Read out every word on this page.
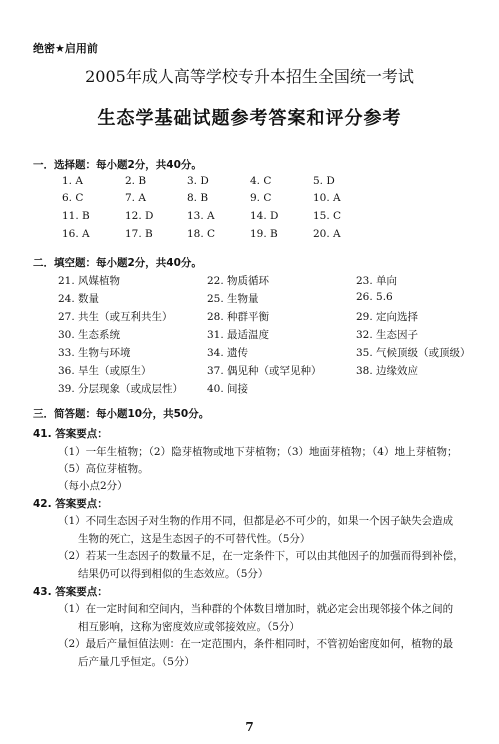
绝密★启用前
2005年成人高等学校专升本招生全国统一考试
生态学基础试题参考答案和评分参考
一．选择题：每小题2分，共40分。
1. A	2. B	3. D	4. C	5. D
6. C	7. A	8. B	9. C	10. A
11. B	12. D	13. A	14. D	15. C
16. A	17. B	18. C	19. B	20. A
二．填空题：每小题2分，共40分。
21. 风媒植物	22. 物质循环	23. 单向
24. 数量	25. 生物量	26. 5.6
27. 共生（或互利共生）	28. 种群平衡	29. 定向选择
30. 生态系统	31. 最适温度	32. 生态因子
33. 生物与环境	34. 遗传	35. 气候顶级（或顶级）
36. 旱生（或原生）	37. 偶见种（或罕见种）	38. 边缘效应
39. 分层现象（或成层性） 40. 间接
三．简答题：每小题10分，共50分。
41. 答案要点：
（1）一年生植物；（2）隐芽植物或地下芽植物；（3）地面芽植物；（4）地上芽植物；
（5）高位芽植物。
（每小点2分）
42. 答案要点：
（1）不同生态因子对生物的作用不同，但都是必不可少的，如果一个因子缺失会造成
生物的死亡，这是生态因子的不可替代性。（5分）
（2）若某一生态因子的数量不足，在一定条件下，可以由其他因子的加强而得到补偿，
结果仍可以得到相似的生态效应。（5分）
43. 答案要点：
（1）在一定时间和空间内，当种群的个体数目增加时，就必定会出现邻接个体之间的
相互影响，这称为密度效应或邻接效应。（5分）
（2）最后产量恒值法则：在一定范围内，条件相同时，不管初始密度如何，植物的最
后产量几乎恒定。（5分）
7
